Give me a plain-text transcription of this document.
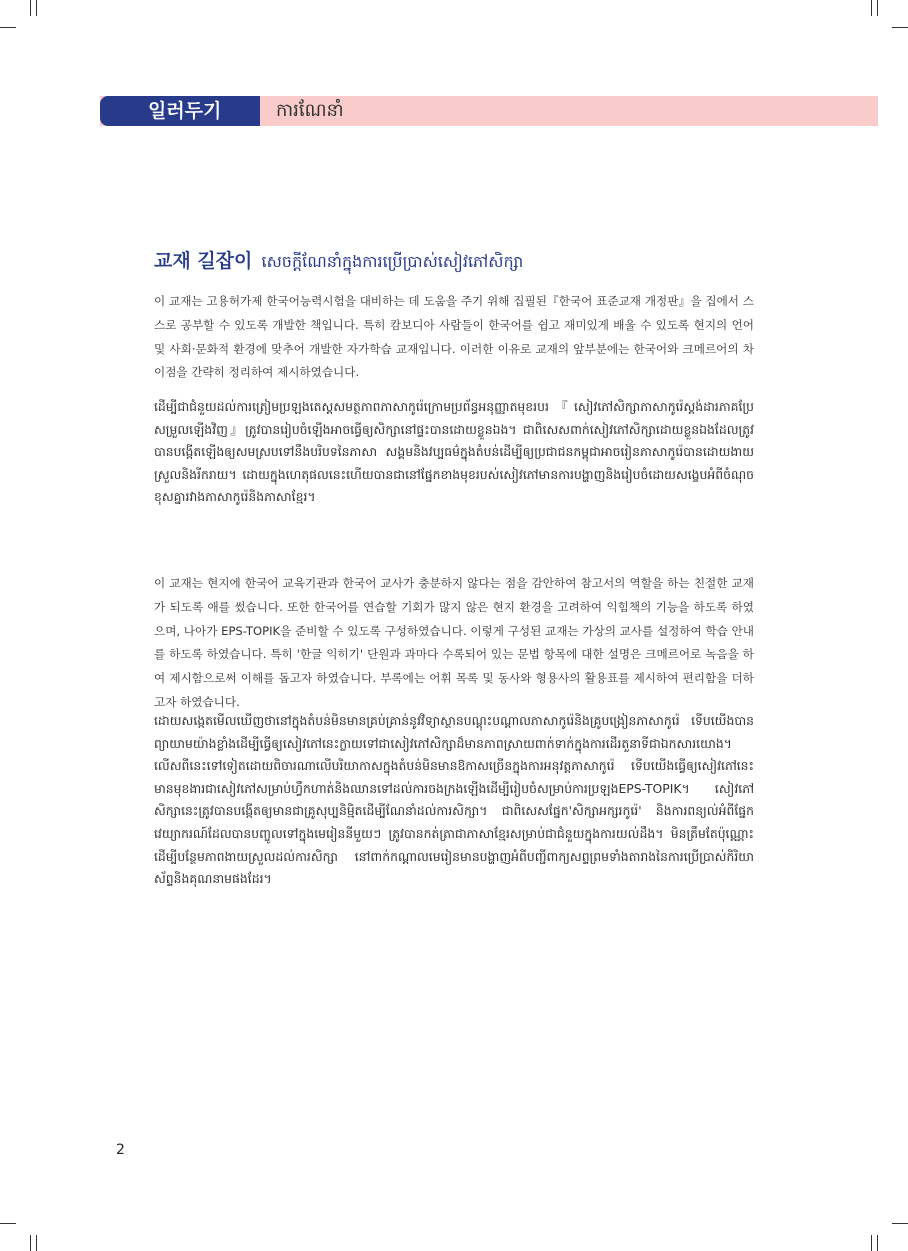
일러두기	ការណែនាំ
교재 길잡이 សេចក្ដីណែនាំក្នុងការប្រើប្រាស់សៀវភៅសិក្សា

이 교재는 고용허가제 한국어능력시험을 대비하는 데 도움을 주기 위해 집필된『한국어 표준교재 개정판』을 집에서 스스로 공부할 수 있도록 개발한 책입니다. 특히 캄보디아 사람들이 한국어를 쉽고 재미있게 배울 수 있도록 현지의 언어 및 사회·문화적 환경에 맞추어 개발한 자가학습 교재입니다. 이러한 이유로 교재의 앞부분에는 한국어와 크메르어의 차이점을 간략히 정리하여 제시하였습니다.

ដើម្បីជាជំនួយដល់ការត្រៀមប្រឡងតេស្តសមត្ថភាពភាសាកូរ៉េក្រោមប្រព័ន្ធអនុញ្ញាតមុខរបរ『សៀវភៅសិក្សាភាសាកូរ៉េស្តង់ដារភាគប្រែសម្រួលឡើងវិញ』ត្រូវបានរៀបចំឡើងអាចធ្វើឲ្យសិក្សានៅផ្ទះបានដោយខ្លួនឯង។ ជាពិសេសពាក់សៀវភៅសិក្សាដោយខ្លួនឯងដែលត្រូវបានបង្កើតឡើងឲ្យសមស្របទៅនឹងបរិបទនៃភាសា សង្គមនិងវប្បធម៌ក្នុងតំបន់ដើម្បីឲ្យប្រជាជនកម្ពុជាអាចរៀនភាសាកូរ៉េបានដោយងាយស្រួលនិងរីករាយ។ ដោយក្នុងហេតុផលនេះហើយបានជានៅផ្នែកខាងមុខរបស់សៀវភៅមានការបង្ហាញនិងរៀបចំដោយសង្ខេបអំពីចំណុចខុសគ្នារវាងភាសាកូរ៉េនិងភាសាខ្មែរ។

이 교재는 현지에 한국어 교육기관과 한국어 교사가 충분하지 않다는 점을 감안하여 참고서의 역할을 하는 친절한 교재가 되도록 애를 썼습니다. 또한 한국어를 연습할 기회가 많지 않은 현지 환경을 고려하여 익힘책의 기능을 하도록 하였으며, 나아가 EPS-TOPIK을 준비할 수 있도록 구성하였습니다. 이렇게 구성된 교재는 가상의 교사를 설정하여 학습 안내를 하도록 하였습니다. 특히 '한글 익히기' 단원과 과마다 수록되어 있는 문법 항목에 대한 설명은 크메르어로 녹음을 하여 제시함으로써 이해를 돕고자 하였습니다. 부록에는 어휘 목록 및 동사와 형용사의 활용표를 제시하여 편리함을 더하고자 하였습니다.

ដោយសង្កេតមើលឃើញថានៅក្នុងតំបន់មិនមានគ្រប់គ្រាន់នូវវិទ្យាស្ថានបណ្តុះបណ្តាលភាសាកូរ៉េនិងគ្រូបង្រៀនភាសាកូរ៉េ ទើបយើងបានព្យាយាមយ៉ាងខ្លាំងដើម្បីធ្វើឲ្យសៀវភៅនេះក្លាយទៅជាសៀវភៅសិក្សាដ៏មានភាពស្រាយពាក់ទាក់ក្នុងការដើរតួនាទីជាឯកសារយោង។ លើសពីនេះទៅទៀតដោយពិចារណាលើបរិយាកាសក្នុងតំបន់មិនមានឱកាសច្រើនក្នុងការអនុវត្តភាសាកូរ៉េ ទើបយើងធ្វើឲ្យសៀវភៅនេះមានមុខងារជាសៀវភៅសម្រាប់ហ្វឹកហាត់និងឈានទៅដល់ការចងក្រងឡើងដើម្បីរៀបចំសម្រាប់ការប្រឡងEPS-TOPIK។ សៀវភៅសិក្សានេះត្រូវបានបង្កើតឲ្យមានជាគ្រូសុប្បនិម្មិតដើម្បីណែនាំដល់ការសិក្សា។ ជាពិសេសផ្នែក'សិក្សាអក្សរកូរ៉េ' និងការពន្យល់អំពីផ្នែកវេយ្យាករណ៍ដែលបានបញ្ចូលទៅក្នុងមេរៀននីមួយៗ ត្រូវបានកត់ត្រាជាភាសាខ្មែរសម្រាប់ជាជំនួយក្នុងការយល់ដឹង។ មិនត្រឹមតែប៉ុណ្ណោះ ដើម្បីបន្ថែមភាពងាយស្រួលដល់ការសិក្សា នៅពាក់កណ្តាលមេរៀនមានបង្ហាញអំពីបញ្ជីពាក្យសព្ទព្រមទាំងតារាងនៃការប្រើប្រាស់កិរិយាស័ព្ទនិងគុណនាមផងដែរ។

2
